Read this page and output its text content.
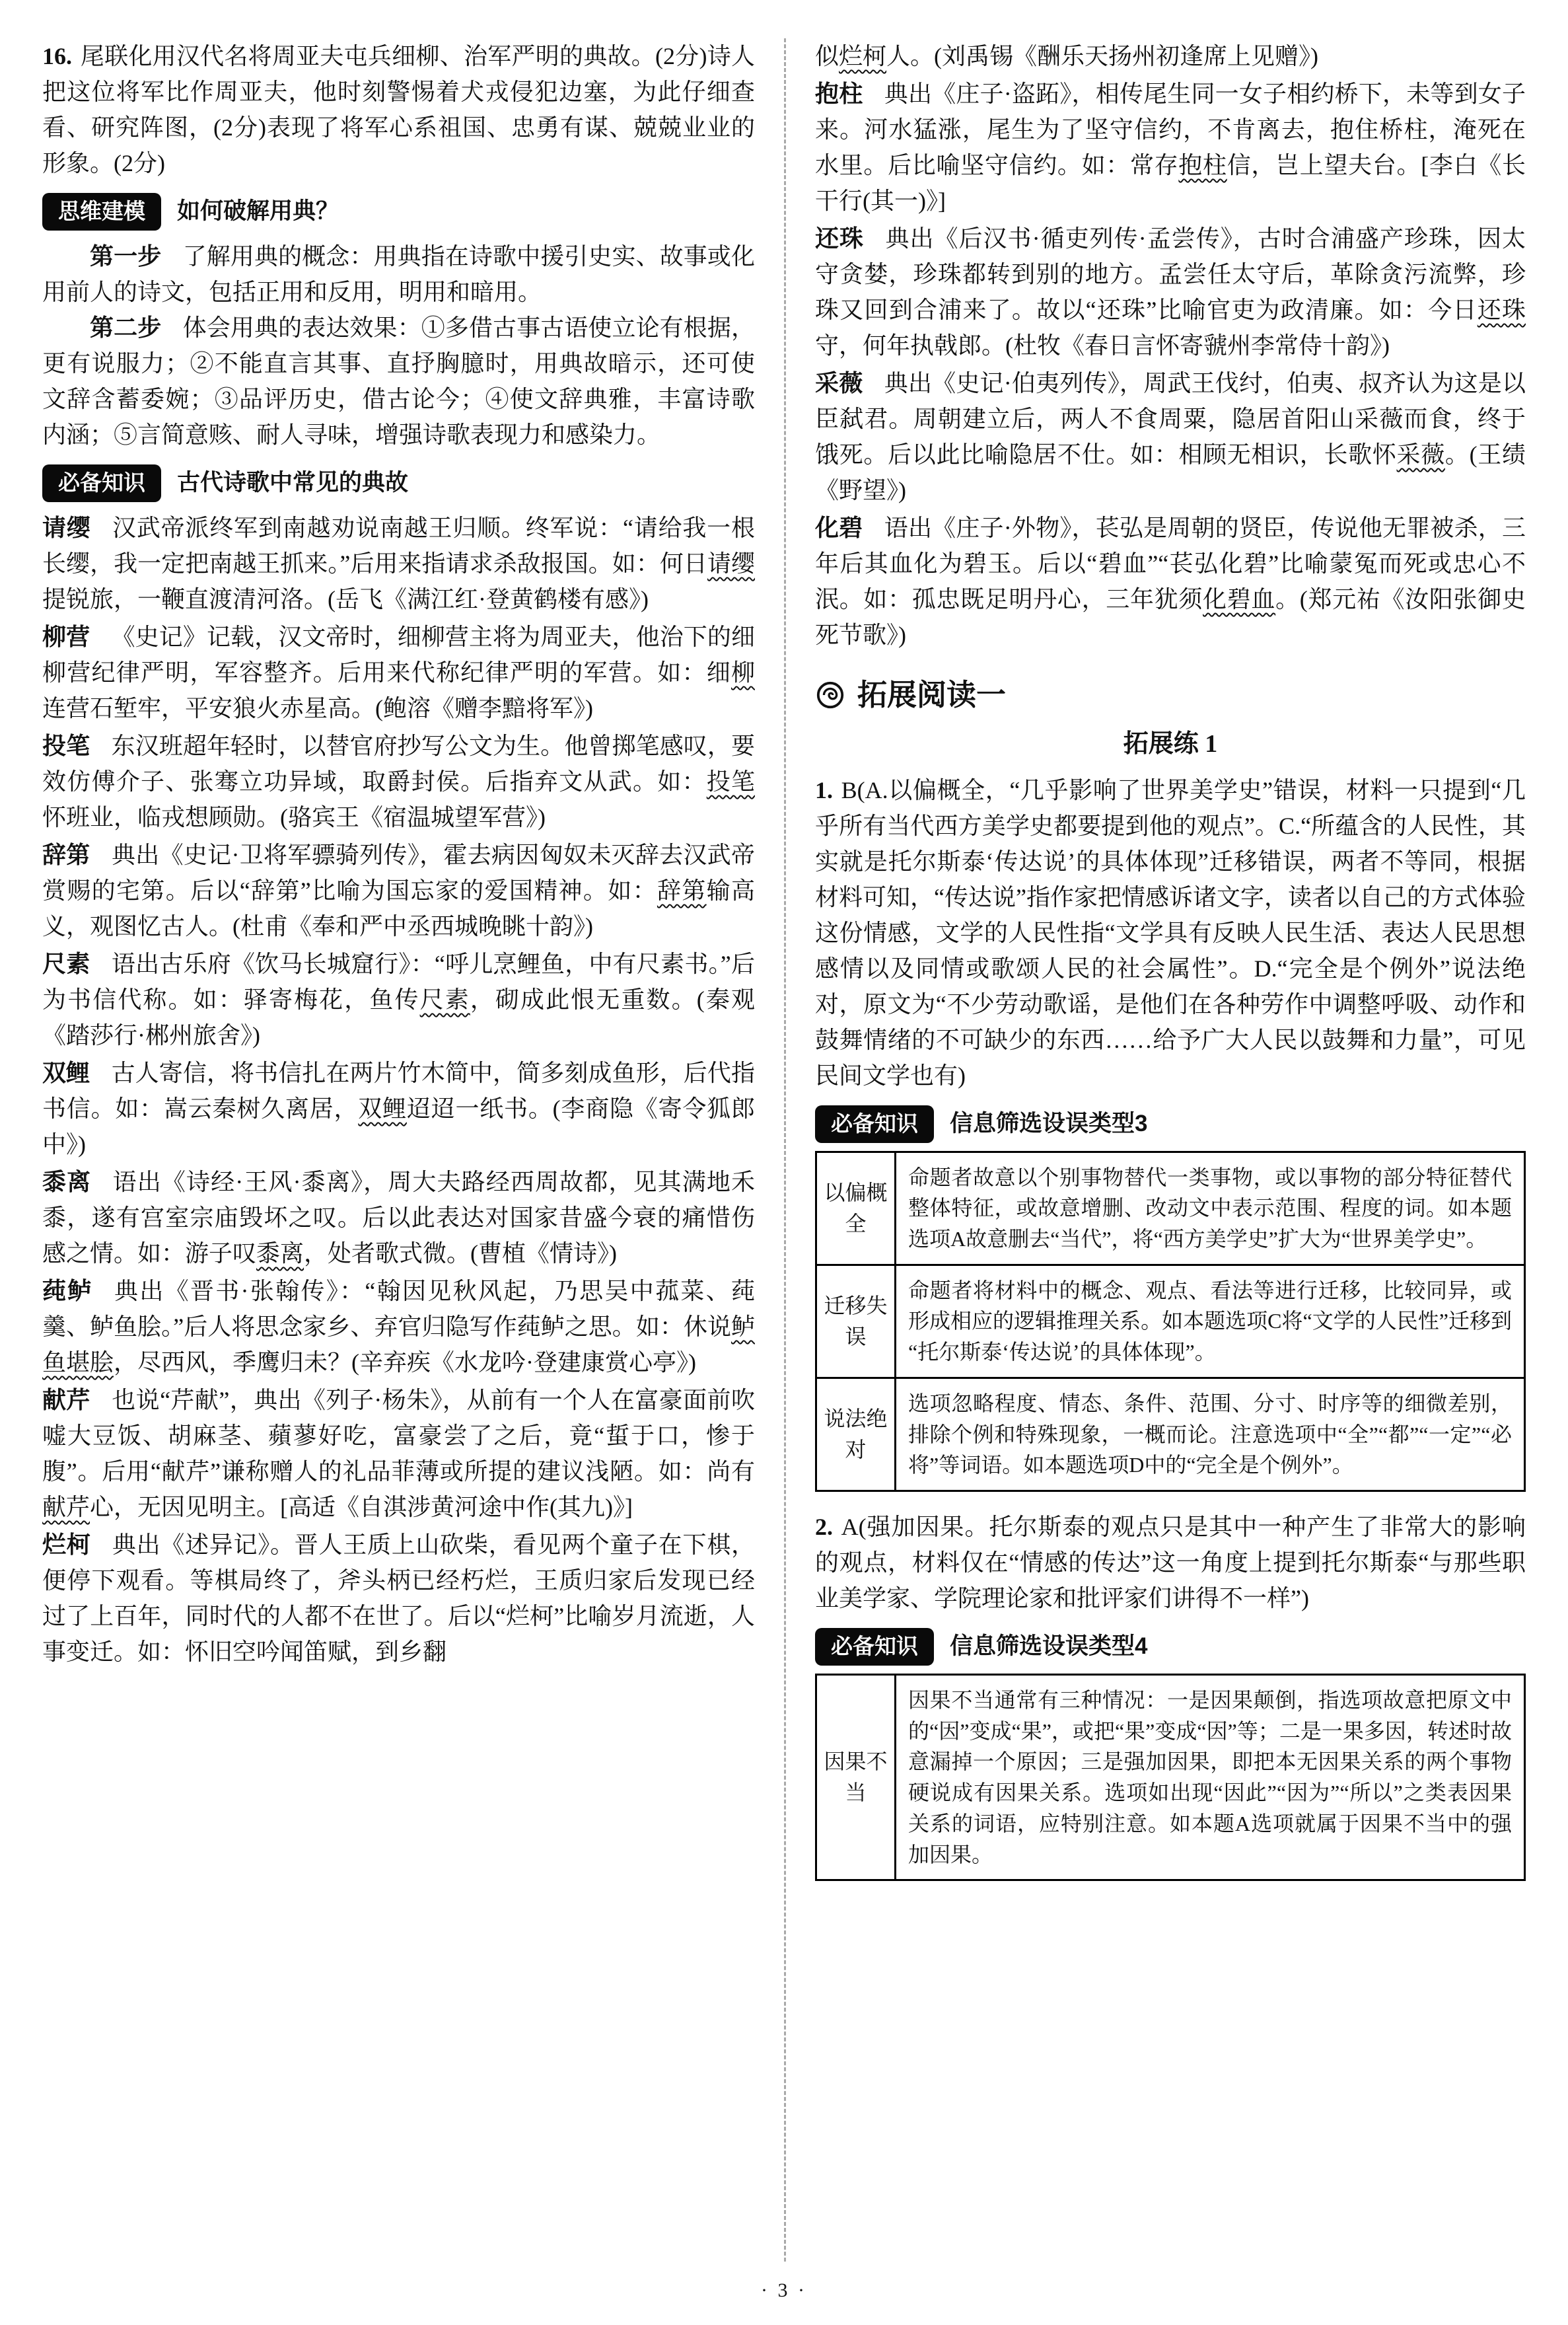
16. 尾联化用汉代名将周亚夫屯兵细柳、治军严明的典故。(2分)诗人把这位将军比作周亚夫，他时刻警惕着犬戎侵犯边塞，为此仔细查看、研究阵图，(2分)表现了将军心系祖国、忠勇有谋、兢兢业业的形象。(2分)

思维建模	如何破解用典？

第一步 了解用典的概念：用典指在诗歌中援引史实、故事或化用前人的诗文，包括正用和反用，明用和暗用。

第二步 体会用典的表达效果：①多借古事古语使立论有根据，更有说服力；②不能直言其事、直抒胸臆时，用典故暗示，还可使文辞含蓄委婉；③品评历史，借古论今；④使文辞典雅，丰富诗歌内涵；⑤言简意赅、耐人寻味，增强诗歌表现力和感染力。

必备知识	古代诗歌中常见的典故

请缨 汉武帝派终军到南越劝说南越王归顺。终军说：“请给我一根长缨，我一定把南越王抓来。”后用来指请求杀敌报国。如：何日请缨提锐旅，一鞭直渡清河洛。(岳飞《满江红·登黄鹤楼有感》)

柳营 《史记》记载，汉文帝时，细柳营主将为周亚夫，他治下的细柳营纪律严明，军容整齐。后用来代称纪律严明的军营。如：细柳连营石堑牢，平安狼火赤星高。(鲍溶《赠李黯将军》)

投笔 东汉班超年轻时，以替官府抄写公文为生。他曾掷笔感叹，要效仿傅介子、张骞立功异域，取爵封侯。后指弃文从武。如：投笔怀班业，临戎想顾勋。(骆宾王《宿温城望军营》)

辞第 典出《史记·卫将军骠骑列传》，霍去病因匈奴未灭辞去汉武帝赏赐的宅第。后以“辞第”比喻为国忘家的爱国精神。如：辞第输高义，观图忆古人。(杜甫《奉和严中丞西城晚眺十韵》)

尺素 语出古乐府《饮马长城窟行》：“呼儿烹鲤鱼，中有尺素书。”后为书信代称。如：驿寄梅花，鱼传尺素，砌成此恨无重数。(秦观《踏莎行·郴州旅舍》)

双鲤 古人寄信，将书信扎在两片竹木简中，简多刻成鱼形，后代指书信。如：嵩云秦树久离居，双鲤迢迢一纸书。(李商隐《寄令狐郎中》)

黍离 语出《诗经·王风·黍离》，周大夫路经西周故都，见其满地禾黍，遂有宫室宗庙毁坏之叹。后以此表达对国家昔盛今衰的痛惜伤感之情。如：游子叹黍离，处者歌式微。(曹植《情诗》)

莼鲈 典出《晋书·张翰传》：“翰因见秋风起，乃思吴中菰菜、莼羹、鲈鱼脍。”后人将思念家乡、弃官归隐写作莼鲈之思。如：休说鲈鱼堪脍，尽西风，季鹰归未？(辛弃疾《水龙吟·登建康赏心亭》)

献芹 也说“芹献”，典出《列子·杨朱》，从前有一个人在富豪面前吹嘘大豆饭、胡麻茎、蘋蓼好吃，富豪尝了之后，竟“蜇于口，惨于腹”。后用“献芹”谦称赠人的礼品菲薄或所提的建议浅陋。如：尚有献芹心，无因见明主。[高适《自淇涉黄河途中作(其九)》]

烂柯 典出《述异记》。晋人王质上山砍柴，看见两个童子在下棋，便停下观看。等棋局终了，斧头柄已经朽烂，王质归家后发现已经过了上百年，同时代的人都不在世了。后以“烂柯”比喻岁月流逝，人事变迁。如：怀旧空吟闻笛赋，到乡翻

似烂柯人。(刘禹锡《酬乐天扬州初逢席上见赠》)

抱柱 典出《庄子·盗跖》，相传尾生同一女子相约桥下，未等到女子来。河水猛涨，尾生为了坚守信约，不肯离去，抱住桥柱，淹死在水里。后比喻坚守信约。如：常存抱柱信，岂上望夫台。[李白《长干行(其一)》]

还珠 典出《后汉书·循吏列传·孟尝传》，古时合浦盛产珍珠，因太守贪婪，珍珠都转到别的地方。孟尝任太守后，革除贪污流弊，珍珠又回到合浦来了。故以“还珠”比喻官吏为政清廉。如：今日还珠守，何年执戟郎。(杜牧《春日言怀寄虢州李常侍十韵》)

采薇 典出《史记·伯夷列传》，周武王伐纣，伯夷、叔齐认为这是以臣弑君。周朝建立后，两人不食周粟，隐居首阳山采薇而食，终于饿死。后以此比喻隐居不仕。如：相顾无相识，长歌怀采薇。(王绩《野望》)

化碧 语出《庄子·外物》，苌弘是周朝的贤臣，传说他无罪被杀，三年后其血化为碧玉。后以“碧血”“苌弘化碧”比喻蒙冤而死或忠心不泯。如：孤忠既足明丹心，三年犹须化碧血。(郑元祐《汝阳张御史死节歌》)

拓展阅读一

拓展练 1

1. B(A.以偏概全，“几乎影响了世界美学史”错误，材料一只提到“几乎所有当代西方美学史都要提到他的观点”。C.“所蕴含的人民性，其实就是托尔斯泰‘传达说’的具体体现”迁移错误，两者不等同，根据材料可知，“传达说”指作家把情感诉诸文字，读者以自己的方式体验这份情感，文学的人民性指“文学具有反映人民生活、表达人民思想感情以及同情或歌颂人民的社会属性”。D.“完全是个例外”说法绝对，原文为“不少劳动歌谣，是他们在各种劳作中调整呼吸、动作和鼓舞情绪的不可缺少的东西……给予广大人民以鼓舞和力量”，可见民间文学也有)

必备知识	信息筛选设误类型3
以偏概全	命题者故意以个别事物替代一类事物，或以事物的部分特征替代整体特征，或故意增删、改动文中表示范围、程度的词。如本题选项A故意删去“当代”，将“西方美学史”扩大为“世界美学史”。
迁移失误	命题者将材料中的概念、观点、看法等进行迁移，比较同异，或形成相应的逻辑推理关系。如本题选项C将“文学的人民性”迁移到“托尔斯泰‘传达说’的具体体现”。
说法绝对	选项忽略程度、情态、条件、范围、分寸、时序等的细微差别，排除个例和特殊现象，一概而论。注意选项中“全”“都”“一定”“必将”等词语。如本题选项D中的“完全是个例外”。

2. A(强加因果。托尔斯泰的观点只是其中一种产生了非常大的影响的观点，材料仅在“情感的传达”这一角度上提到托尔斯泰“与那些职业美学家、学院理论家和批评家们讲得不一样”)

必备知识	信息筛选设误类型4
因果不当	因果不当通常有三种情况：一是因果颠倒，指选项故意把原文中的“因”变成“果”，或把“果”变成“因”等；二是一果多因，转述时故意漏掉一个原因；三是强加因果，即把本无因果关系的两个事物硬说成有因果关系。选项如出现“因此”“因为”“所以”之类表因果关系的词语，应特别注意。如本题A选项就属于因果不当中的强加因果。
· 3 ·
